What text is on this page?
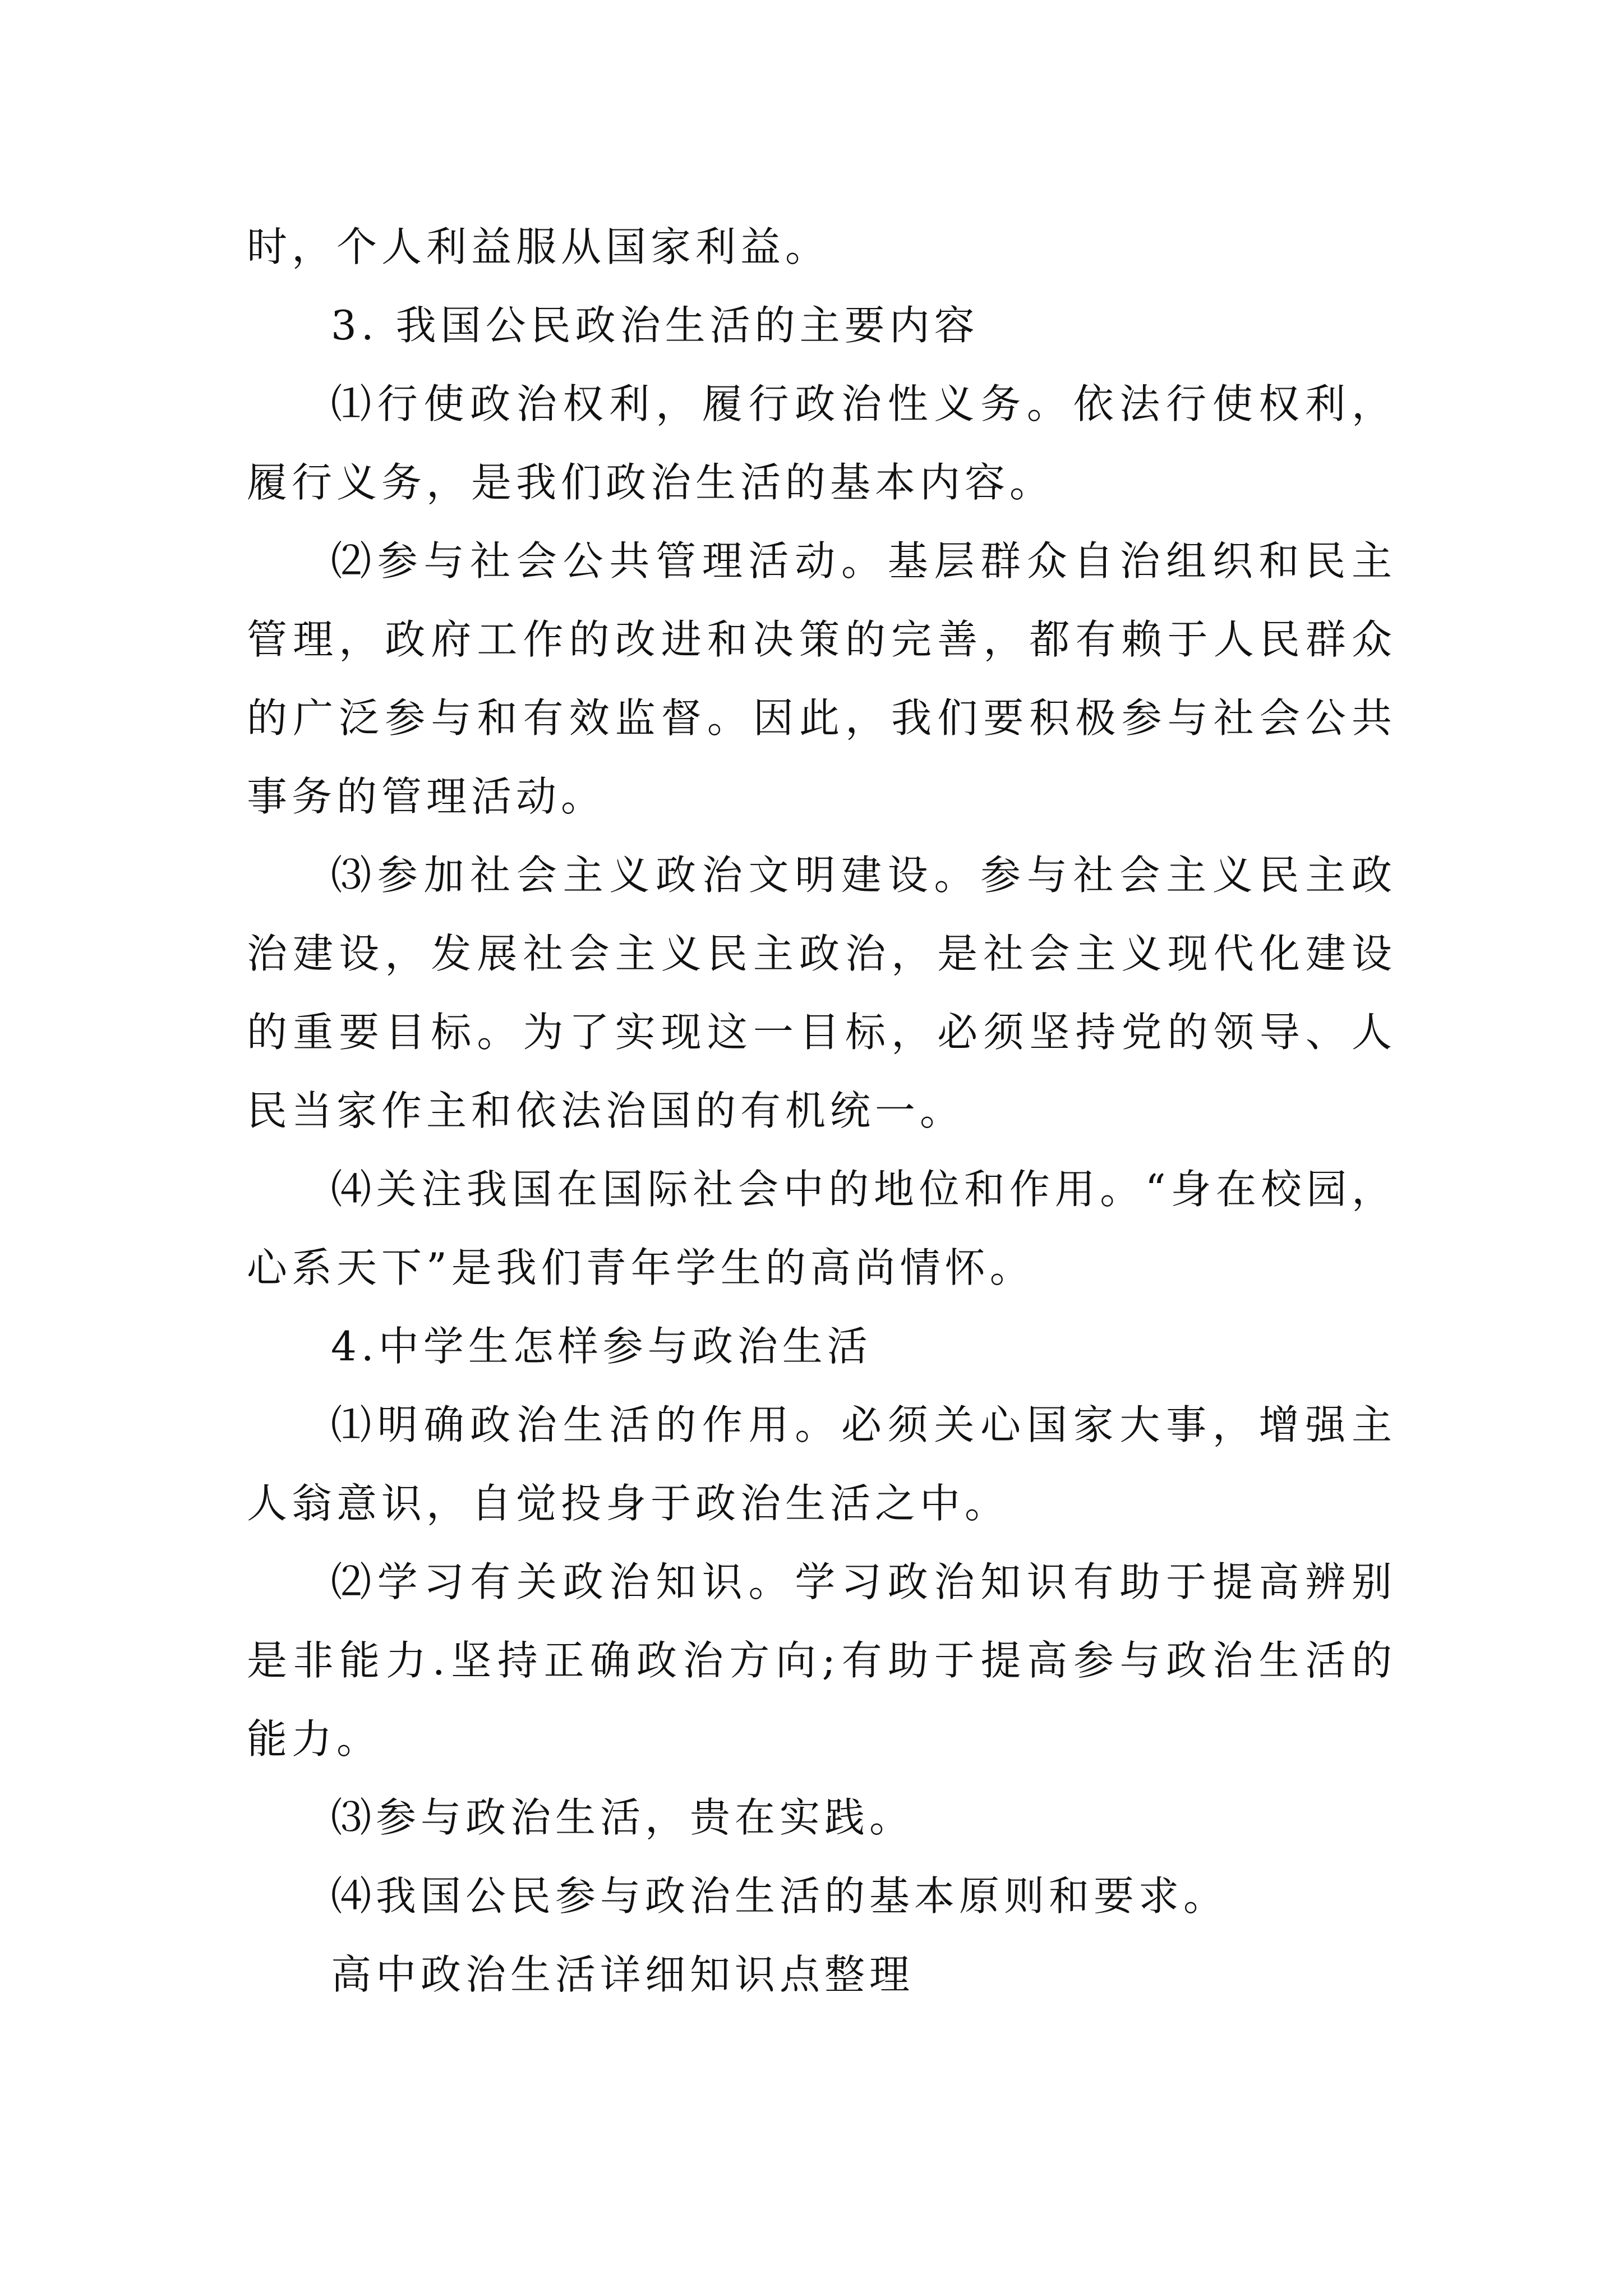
时，个人利益服从国家利益。

3. 我国公民政治生活的主要内容

⑴行使政治权利，履行政治性义务。依法行使权利，履行义务，是我们政治生活的基本内容。

⑵参与社会公共管理活动。基层群众自治组织和民主管理，政府工作的改进和决策的完善，都有赖于人民群众的广泛参与和有效监督。因此，我们要积极参与社会公共事务的管理活动。

⑶参加社会主义政治文明建设。参与社会主义民主政治建设，发展社会主义民主政治，是社会主义现代化建设的重要目标。为了实现这一目标，必须坚持党的领导、人民当家作主和依法治国的有机统一。

⑷关注我国在国际社会中的地位和作用。“身在校园，心系天下”是我们青年学生的高尚情怀。

4.中学生怎样参与政治生活

⑴明确政治生活的作用。必须关心国家大事，增强主人翁意识，自觉投身于政治生活之中。

⑵学习有关政治知识。学习政治知识有助于提高辨别是非能力.坚持正确政治方向;有助于提高参与政治生活的能力。

⑶参与政治生活，贵在实践。

⑷我国公民参与政治生活的基本原则和要求。

高中政治生活详细知识点整理
